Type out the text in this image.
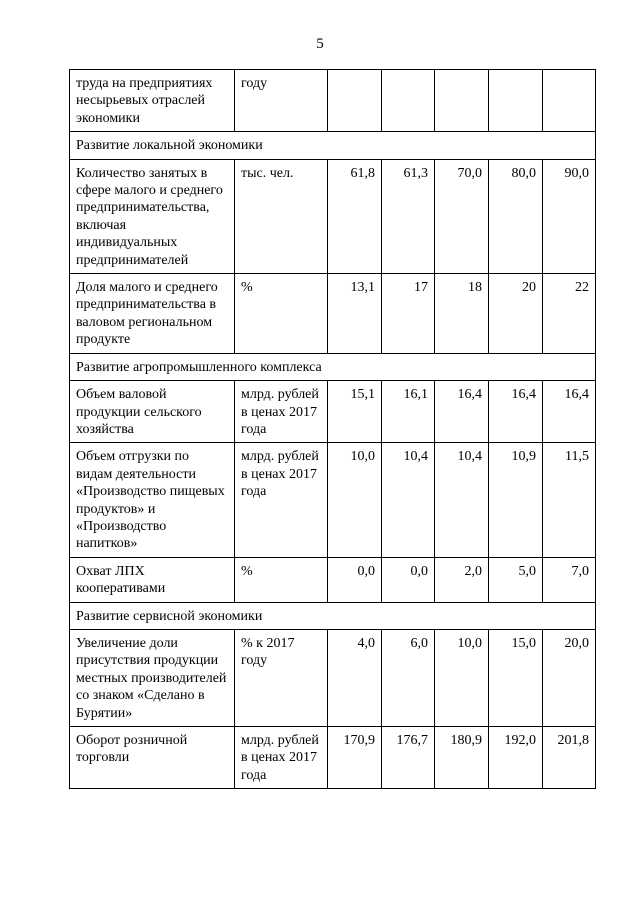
5
труда на предприятиях несырьевых отраслей экономики	году					
Развитие локальной экономики						
Количество занятых в сфере малого и среднего предпринимательства, включая индивидуальных предпринимателей	тыс. чел.	61,8	61,3	70,0	80,0	90,0
Доля малого и среднего предпринимательства в валовом региональном продукте	%	13,1	17	18	20	22
Развитие агропромышленного комплекса						
Объем валовой продукции сельского хозяйства	млрд. рублей в ценах 2017 года	15,1	16,1	16,4	16,4	16,4
Объем отгрузки по видам деятельности «Производство пищевых продуктов» и «Производство напитков»	млрд. рублей в ценах 2017 года	10,0	10,4	10,4	10,9	11,5
Охват ЛПХ кооперативами	%	0,0	0,0	2,0	5,0	7,0
Развитие сервисной экономики						
Увеличение доли присутствия продукции местных производителей со знаком «Сделано в Бурятии»	% к 2017 году	4,0	6,0	10,0	15,0	20,0
Оборот розничной торговли	млрд. рублей в ценах 2017 года	170,9	176,7	180,9	192,0	201,8
